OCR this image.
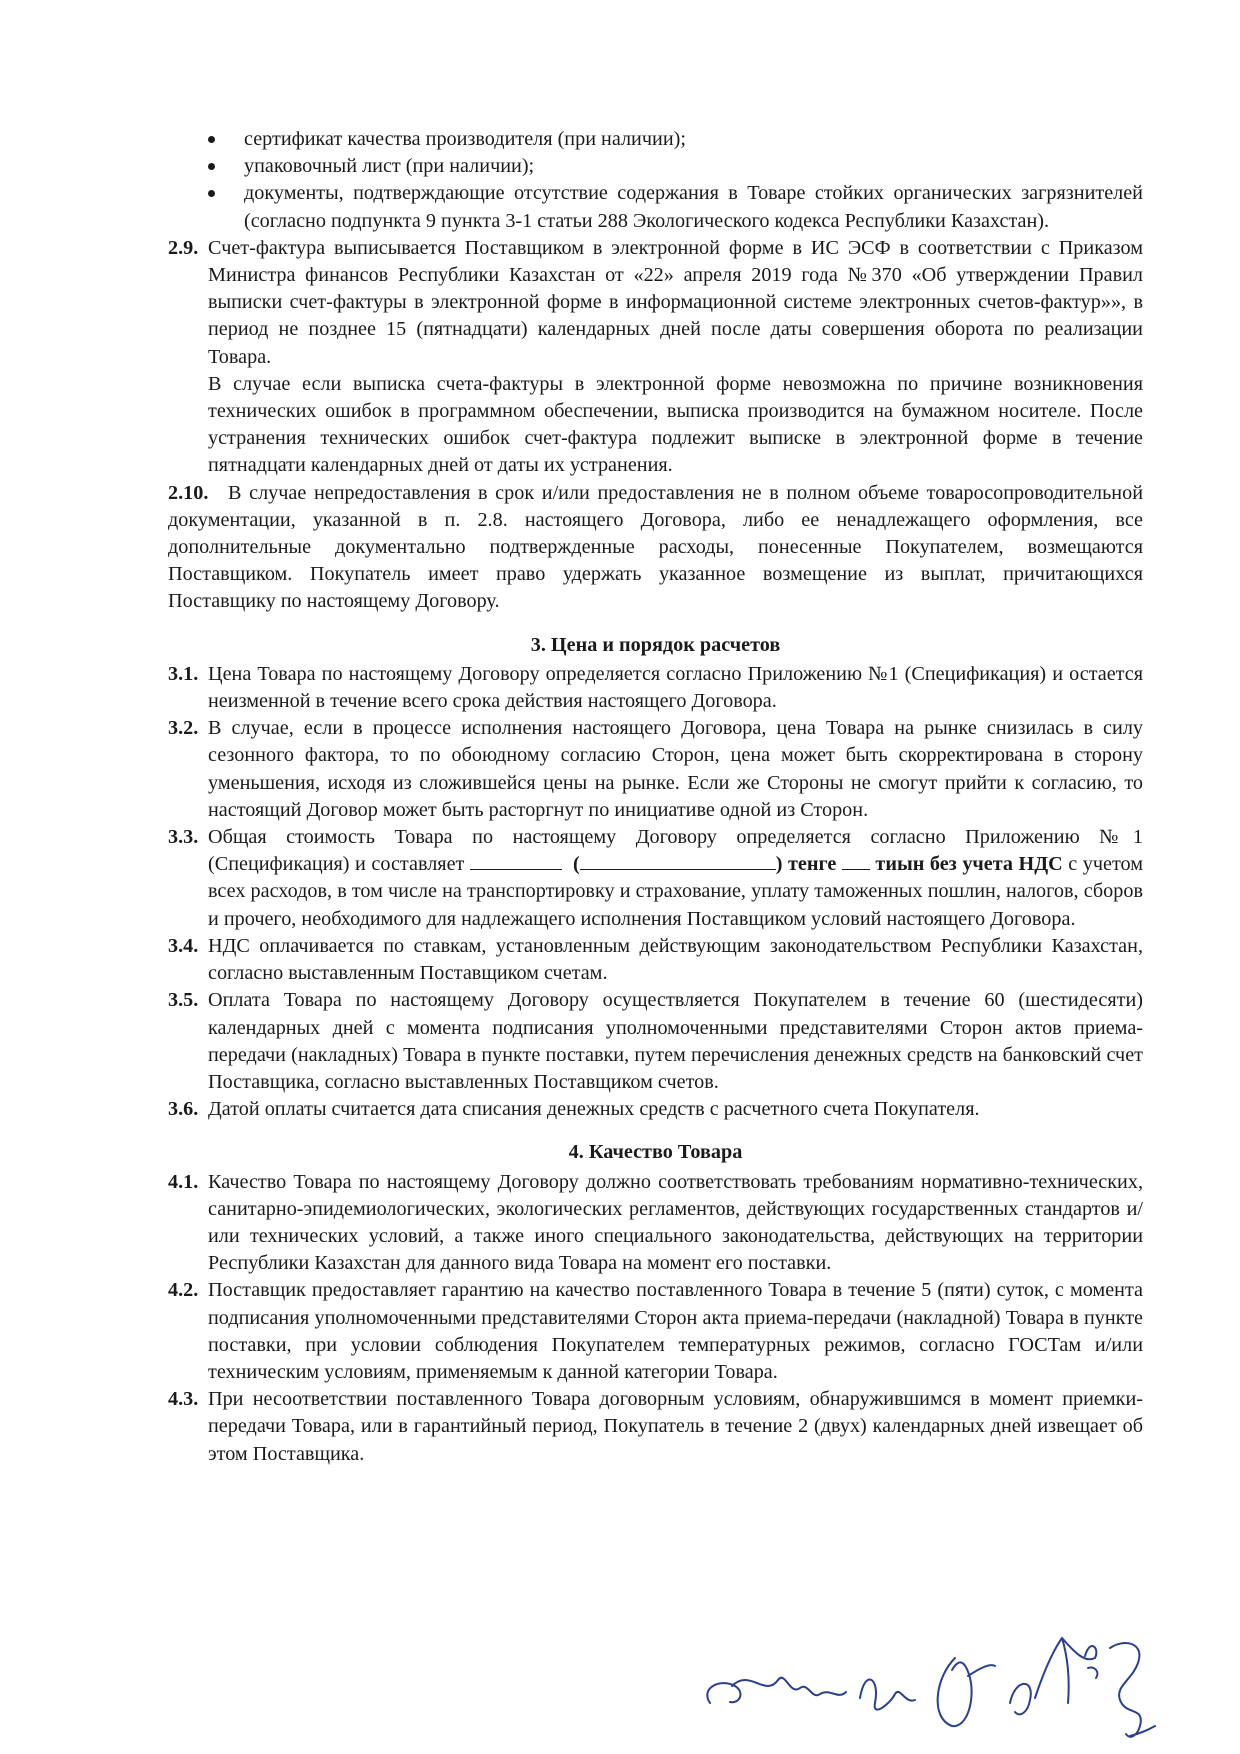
сертификат качества производителя (при наличии);
упаковочный лист (при наличии);
документы, подтверждающие отсутствие содержания в Товаре стойких органических загрязнителей (согласно подпункта 9 пункта 3-1 статьи 288 Экологического кодекса Республики Казахстан).
2.9. Счет-фактура выписывается Поставщиком в электронной форме в ИС ЭСФ в соответствии с Приказом Министра финансов Республики Казахстан от «22» апреля 2019 года №370 «Об утверждении Правил выписки счет-фактуры в электронной форме в информационной системе электронных счетов-фактур»», в период не позднее 15 (пятнадцати) календарных дней после даты совершения оборота по реализации Товара.
В случае если выписка счета-фактуры в электронной форме невозможна по причине возникновения технических ошибок в программном обеспечении, выписка производится на бумажном носителе. После устранения технических ошибок счет-фактура подлежит выписке в электронной форме в течение пятнадцати календарных дней от даты их устранения.
2.10. В случае непредоставления в срок и/или предоставления не в полном объеме товаросопроводительной документации, указанной в п. 2.8. настоящего Договора, либо ее ненадлежащего оформления, все дополнительные документально подтвержденные расходы, понесенные Покупателем, возмещаются Поставщиком. Покупатель имеет право удержать указанное возмещение из выплат, причитающихся Поставщику по настоящему Договору.
3. Цена и порядок расчетов
3.1. Цена Товара по настоящему Договору определяется согласно Приложению №1 (Спецификация) и остается неизменной в течение всего срока действия настоящего Договора.
3.2. В случае, если в процессе исполнения настоящего Договора, цена Товара на рынке снизилась в силу сезонного фактора, то по обоюдному согласию Сторон, цена может быть скорректирована в сторону уменьшения, исходя из сложившейся цены на рынке. Если же Стороны не смогут прийти к согласию, то настоящий Договор может быть расторгнут по инициативе одной из Сторон.
3.3. Общая стоимость Товара по настоящему Договору определяется согласно Приложению №1 (Спецификация) и составляет	(	) тенге  тиын без учета НДС с учетом всех расходов, в том числе на транспортировку и страхование, уплату таможенных пошлин, налогов, сборов и прочего, необходимого для надлежащего исполнения Поставщиком условий настоящего Договора.
3.4. НДС оплачивается по ставкам, установленным действующим законодательством Республики Казахстан, согласно выставленным Поставщиком счетам.
3.5. Оплата Товара по настоящему Договору осуществляется Покупателем в течение 60 (шестидесяти) календарных дней с момента подписания уполномоченными представителями Сторон актов приема-передачи (накладных) Товара в пункте поставки, путем перечисления денежных средств на банковский счет Поставщика, согласно выставленных Поставщиком счетов.
3.6. Датой оплаты считается дата списания денежных средств с расчетного счета Покупателя.
4. Качество Товара
4.1. Качество Товара по настоящему Договору должно соответствовать требованиям нормативно-технических, санитарно-эпидемиологических, экологических регламентов, действующих государственных стандартов и/или технических условий, а также иного специального законодательства, действующих на территории Республики Казахстан для данного вида Товара на момент его поставки.
4.2. Поставщик предоставляет гарантию на качество поставленного Товара в течение 5 (пяти) суток, с момента подписания уполномоченными представителями Сторон акта приема-передачи (накладной) Товара в пункте поставки, при условии соблюдения Покупателем температурных режимов, согласно ГОСТам и/или техническим условиям, применяемым к данной категории Товара.
4.3. При несоответствии поставленного Товара договорным условиям, обнаружившимся в момент приемки-передачи Товара, или в гарантийный период, Покупатель в течение 2 (двух) календарных дней извещает об этом Поставщика.
